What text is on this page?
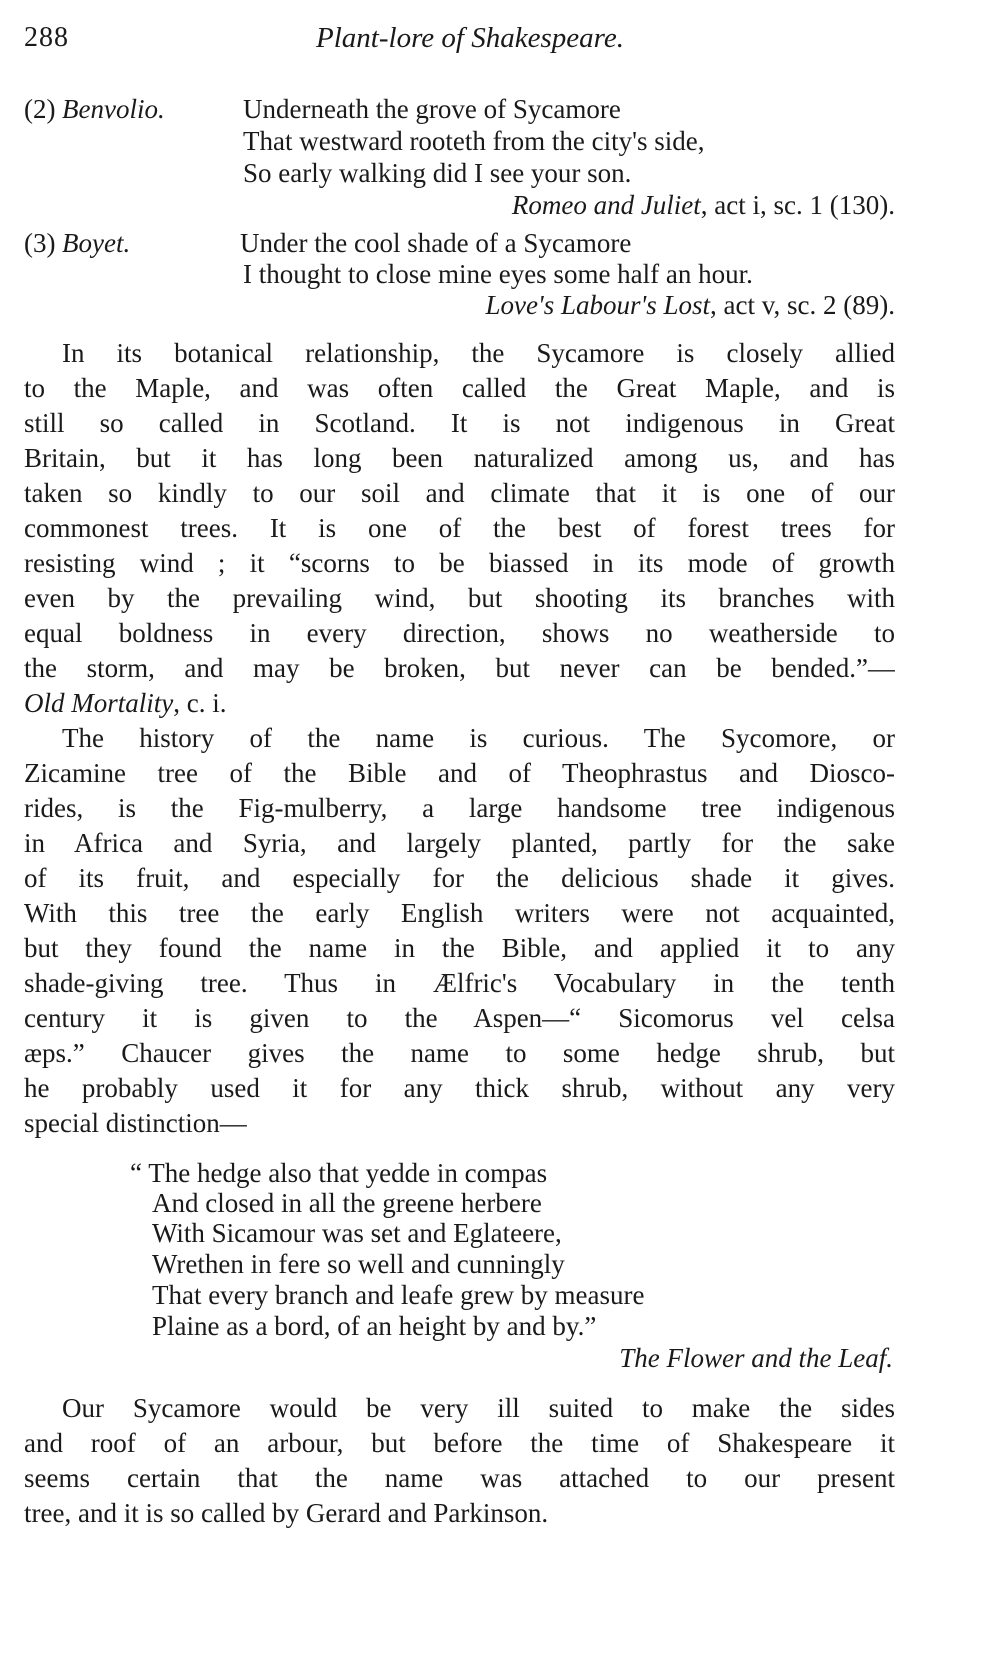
288	Plant-lore of Shakespeare.
(2) Benvolio.	Underneath the grove of Sycamore
That westward rooteth from the city's side,
So early walking did I see your son.
Romeo and Juliet, act i, sc. 1 (130).
(3) Boyet.	Under the cool shade of a Sycamore
I thought to close mine eyes some half an hour.
Love's Labour's Lost, act v, sc. 2 (89).
In its botanical relationship, the Sycamore is closely allied
to the Maple, and was often called the Great Maple, and is
still so called in Scotland. It is not indigenous in Great
Britain, but it has long been naturalized among us, and has
taken so kindly to our soil and climate that it is one of our
commonest trees. It is one of the best of forest trees for
resisting wind ; it “scorns to be biassed in its mode of growth
even by the prevailing wind, but shooting its branches with
equal boldness in every direction, shows no weatherside to
the storm, and may be broken, but never can be bended.”—
Old Mortality, c. i.
The history of the name is curious. The Sycomore, or
Zicamine tree of the Bible and of Theophrastus and Diosco-
rides, is the Fig-mulberry, a large handsome tree indigenous
in Africa and Syria, and largely planted, partly for the sake
of its fruit, and especially for the delicious shade it gives.
With this tree the early English writers were not acquainted,
but they found the name in the Bible, and applied it to any
shade-giving tree. Thus in Ælfric's Vocabulary in the tenth
century it is given to the Aspen—“ Sicomorus vel celsa
æps.” Chaucer gives the name to some hedge shrub, but
he probably used it for any thick shrub, without any very
special distinction—
“ The hedge also that yedde in compas
And closed in all the greene herbere
With Sicamour was set and Eglateere,
Wrethen in fere so well and cunningly
That every branch and leafe grew by measure
Plaine as a bord, of an height by and by.”
The Flower and the Leaf.
Our Sycamore would be very ill suited to make the sides
and roof of an arbour, but before the time of Shakespeare it
seems certain that the name was attached to our present
tree, and it is so called by Gerard and Parkinson.
